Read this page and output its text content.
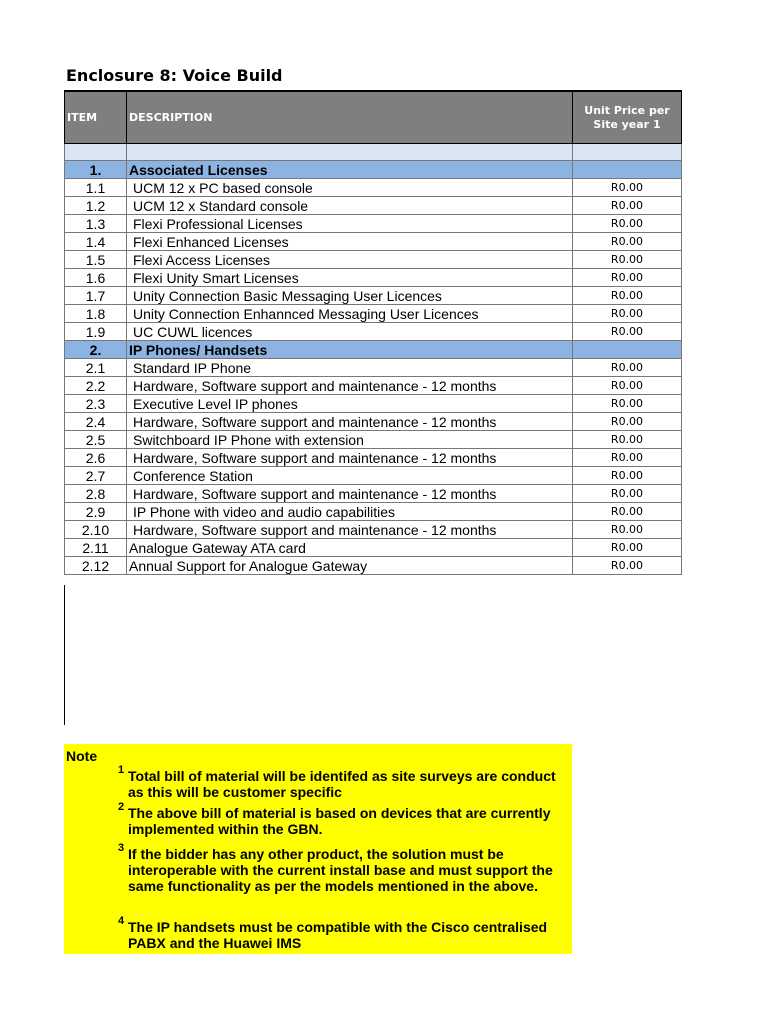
Enclosure 8: Voice Build
ITEM	DESCRIPTION	Unit Price per Site year 1

1.	Associated Licenses	
1.1	UCM 12 x PC based console	R0.00
1.2	UCM 12 x Standard console	R0.00
1.3	Flexi Professional Licenses	R0.00
1.4	Flexi Enhanced Licenses	R0.00
1.5	Flexi Access Licenses	R0.00
1.6	Flexi Unity Smart Licenses	R0.00
1.7	Unity Connection Basic Messaging User Licences	R0.00
1.8	Unity Connection Enhannced Messaging User Licences	R0.00
1.9	UC CUWL licences	R0.00
2.	IP Phones/ Handsets	
2.1	Standard IP Phone	R0.00
2.2	Hardware, Software support and maintenance - 12 months	R0.00
2.3	Executive Level IP phones	R0.00
2.4	Hardware, Software support and maintenance - 12 months	R0.00
2.5	Switchboard IP Phone with extension	R0.00
2.6	Hardware, Software support and maintenance - 12 months	R0.00
2.7	Conference Station	R0.00
2.8	Hardware, Software support and maintenance - 12 months	R0.00
2.9	IP Phone with video and audio capabilities	R0.00
2.10	Hardware, Software support and maintenance - 12 months	R0.00
2.11	Analogue Gateway ATA card	R0.00
2.12	Annual Support for Analogue Gateway	R0.00
Note
1 Total bill of material will be identifed as site surveys are conduct as this will be customer specific
2 The above bill of material is based on devices that are currently implemented within the GBN.
3 If the bidder has any other product, the solution must be interoperable with the current install base and must support the same functionality as per the models mentioned in the above.
4 The IP handsets must be compatible with the Cisco centralised PABX and the Huawei IMS
